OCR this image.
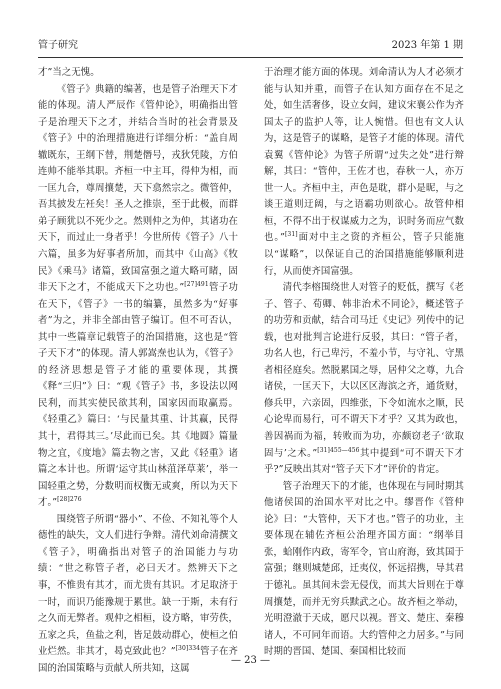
管子研究	2023 年第 1 期

才”当之无愧。

《管子》典籍的编著，也是管子治理天下才能的体现。清人严辰作《管仲论》，明确指出管子是治理天下之才，并结合当时的社会背景及《管子》中的治理措施进行详细分析：“盖自周辙既东，王纲下替，荆楚僭号，戎狄凭陵，方伯连帅不能举其职。齐桓一中主耳，得仲为相，而一匡九合，尊周攘楚，天下翕然宗之。微管仲，吾其披发左衽矣！圣人之推崇，至于此极，而群弟子顾犹以不死少之。然则仲之为仲，其诸功在天下，而过止一身者乎！今世所传《管子》八十六篇，虽多为好事者所加，而其中《山高》《牧民》《乘马》诸篇，致国富强之道大略可睹，固非天下之才，不能成天下之功也。”$^{[27]491}$管子功在天下，《管子》一书的编纂，虽然多为“好事者”为之，并非全部由管子编订。但不可否认，其中一些篇章记载管子的治国措施，这也是“管子天下才”的体现。清人郭嵩焘也认为，《管子》的经济思想是管子才能的重要体现，其撰《释“三归”》曰：“观《管子》书，多设法以网民利，而其实使民欲其利，国家因而取赢焉。《轻重乙》篇曰：‘与民量其重、计其赢，民得其十，君得其三。’尽此而已矣。其《地圆》篇量物之宜，《度地》篇去物之害，又此《轻重》诸篇之本计也。所谓‘运守其山林菹泽草莱’，举一国轻重之势，分数明而权衡无或爽，所以为天下才。”$^{[28]276}$

围绕管子所谓“器小”、不俭、不知礼等个人德性的缺失，文人们进行争辩。清代刘命清撰文《管子》，明确指出对管子的治国能力与功绩：“世之称管子者，必曰天才。然辨天下之事，不惟贵有其才，而尤贵有其识。才足取济于一时，而识乃能豫规于累世。缺一于斯，未有行之久而无弊者。观仲之相桓，设方略，审劳佚，五家之兵，鱼盐之利，皆足鼓动群心，使桓之伯业烂然。非其才，曷克致此也？”$^{[30]334}$管子在齐国的治国策略与贡献人所共知，这属

于治理才能方面的体现。刘命清认为人才必须才能与认知并重，而管子在认知方面存在不足之处，如生活奢侈，设立女闾，建议宋襄公作为齐国太子的监护人等，让人惋惜。但也有文人认为，这是管子的谋略，是管子才能的体现。清代袁翼《管仲论》为管子所谓“过失之处”进行辩解，其曰：“管仲，王佐才也，春秋一人，亦万世一人。齐桓中主，声色是耽，群小是昵，与之谈王道则迂阔，与之语霸功则欲心。故管仲相桓，不得不出于权谋威力之为，识时务而应气数也。”[31]面对中主之资的齐桓公，管子只能施以“谋略”，以保证自己的治国措施能够顺利进行，从而使齐国富强。

清代李榕围绕世人对管子的贬低，撰写《老子、管子、荀卿、韩非治术不同论》，概述管子的功劳和贡献，结合司马迁《史记》列传中的记载，也对批判言论进行反驳，其曰：“管子者，功名人也，行己卑污，不羞小节，与守礼、守黑者相径庭矣。然脱累国之辱，居仲父之尊，九合诸侯，一匡天下，大以区区海滨之齐，通货财，修兵甲，六亲固，四维张，下令如流水之顺，民心论卑而易行，可不谓天下才乎？又其为政也，善因祸而为福，转败而为功，亦颇窃老子‘欲取固与’之术。”$^{[31]455—456}$其中提到“可不谓天下才乎?”反映出其对“管子天下才”评价的肯定。

管子治理天下的才能，也体现在与同时期其他诸侯国的治国水平对比之中。缪晋作《管仲论》曰：“大管仲，天下才也。”管子的功业，主要体现在辅佐齐桓公治理齐国方面：“纲举目张，蛤刚作内政，寄军令，官山府海，致其国于富强；继则城楚邱，迁夷仪，怀远招携，导其君于德礼。虽其间未尝无侵伐，而其大旨则在于尊周攘楚，而并无穷兵黩武之心。故齐桓之举动，光明澄澈于天成，愿尺以视。晋文、楚庄、秦穆诸人，不可同年而语。大约管仲之力居多。”与同时期的晋国、楚国、秦国相比较而

— 23 —
